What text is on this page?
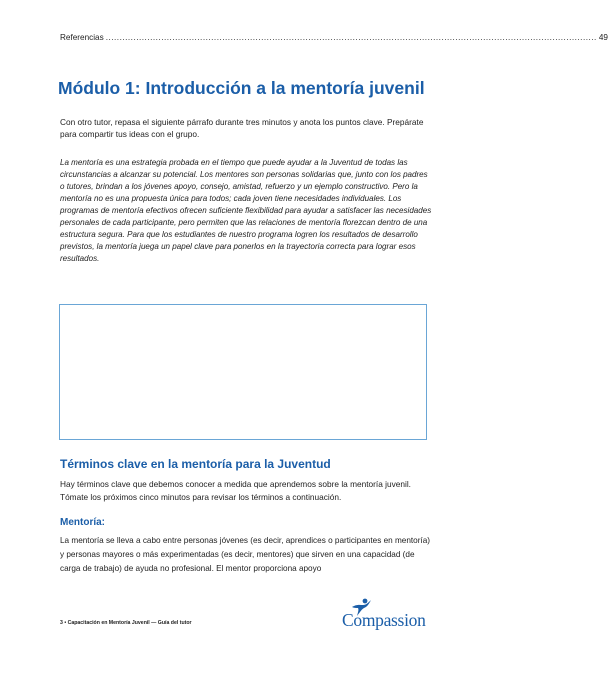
Referencias ................................................................................................................................................................................. 49
Módulo 1: Introducción a la mentoría juvenil

Con otro tutor, repasa el siguiente párrafo durante tres minutos y anota los puntos clave. Prepárate para compartir tus ideas con el grupo.

La mentoría es una estrategia probada en el tiempo que puede ayudar a la Juventud de todas las circunstancias a alcanzar su potencial. Los mentores son personas solidarias que, junto con los padres o tutores, brindan a los jóvenes apoyo, consejo, amistad, refuerzo y un ejemplo constructivo. Pero la mentoría no es una propuesta única para todos; cada joven tiene necesidades individuales. Los programas de mentoría efectivos ofrecen suficiente flexibilidad para ayudar a satisfacer las necesidades personales de cada participante, pero permiten que las relaciones de mentoría florezcan dentro de una estructura segura. Para que los estudiantes de nuestro programa logren los resultados de desarrollo previstos, la mentoría juega un papel clave para ponerlos en la trayectoria correcta para lograr esos resultados.

Términos clave en la mentoría para la Juventud

Hay términos clave que debemos conocer a medida que aprendemos sobre la mentoría juvenil. Tómate los próximos cinco minutos para revisar los términos a continuación.

Mentoría:

La mentoría se lleva a cabo entre personas jóvenes (es decir, aprendices o participantes en mentoría) y personas mayores o más experimentadas (es decir, mentores) que sirven en una capacidad (de carga de trabajo) de ayuda no profesional. El mentor proporciona apoyo

3 • Capacitación en Mentoría Juvenil — Guía del tutor	Compassion
